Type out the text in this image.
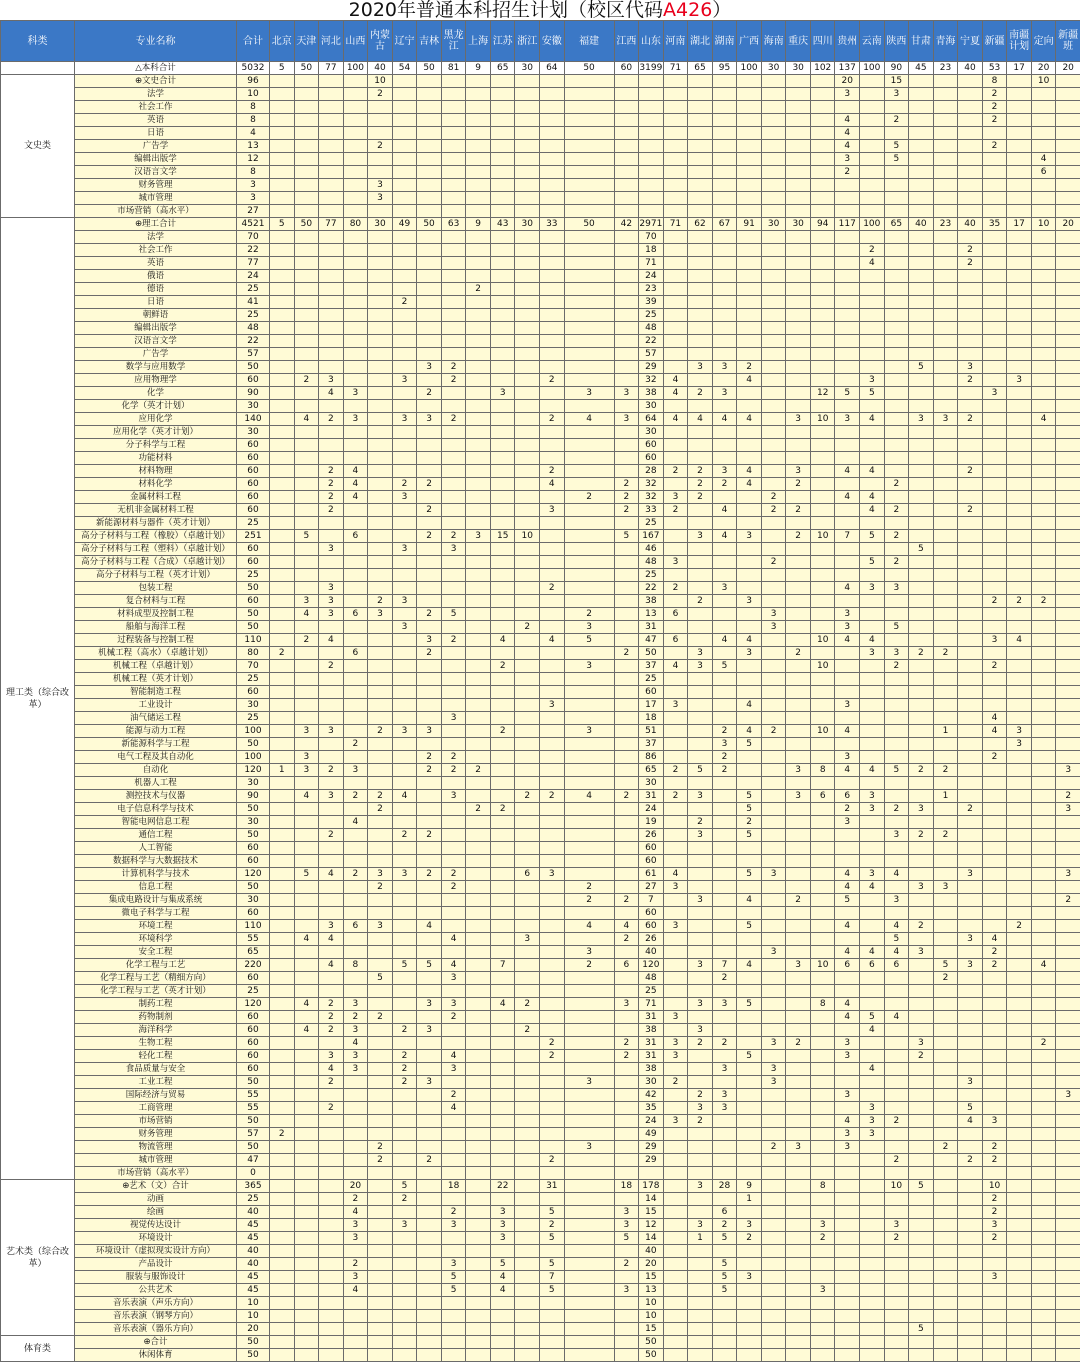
2020年普通本科招生计划（校区代码A426）
科类	专业名称	合计	北京	天津	河北	山西	内蒙古	辽宁	吉林	黑龙江	上海	江苏	浙江	安徽	福建	江西	山东	河南	湖北	湖南	广西	海南	重庆	四川	贵州	云南	陕西	甘肃	青海	宁夏	新疆	南疆计划	定向	新疆班
	△本科合计	5032	5	50	77	100	40	54	50	81	9	65	30	64	50	60	3199	71	65	95	100	30	30	102	137	100	90	45	23	40	53	17	20	20
文史类	⊕文史合计	96					10																		20		15				8		10	
	法学	10					2																		3		3				2			
	社会工作	8																													2			
	英语	8																							4		2				2			
	日语	4																							4									
	广告学	13					2																		4		5				2			
	编辑出版学	12																							3		5						4	
	汉语言文学	8																							2								6	
	财务管理	3					3																											
	城市管理	3					3																											
	市场营销（高水平）	27																																
理工类（综合改革）	⊕理工合计	4521	5	50	77	80	30	49	50	63	9	43	30	33	50	42	2971	71	62	67	91	30	30	94	117	100	65	40	23	40	35	17	10	20
	法学	70															70																	
	社会工作	22															18									2				2				
	英语	77															71									4				2				
	俄语	24															24																	
	德语	25									2						23																	
	日语	41						2									39																	
	朝鲜语	25															25																	
	编辑出版学	48															48																	
	汉语言文学	22															22																	
	广告学	57															57																	
	数学与应用数学	50							3	2							29		3	3	2							5		3				
	应用物理学	60		2	3			3		2				2			32	4			4					3				2		3		
	化学	90			4	3			2			3			3	3	38	4	2	3				12	5	5					3			
	化学（英才计划）	30															30																	
	应用化学	140		4	2	3		3	3	2				2	4	3	64	4	4	4	4		3	10	3	4		3	3	2			4	
	应用化学（英才计划）	30															30																	
	分子科学与工程	60															60																	
	功能材料	60															60																	
	材料物理	60			2	4								2			28	2	2	3	4		3		4	4				2				
	材料化学	60			2	4		2	2					4		2	32		2	2	4		2				2							
	金属材料工程	60			2	4		3							2	2	32	3	2			2			4	4								
	无机非金属材料工程	60			2				2					3		2	33	2		4		2	2			4	2			2				
	新能源材料与器件（英才计划）	25															25																	
	高分子材料与工程（橡胶）（卓越计划）	251		5		6			2	2	3	15	10			5	167		3	4	3		2	10	7	5	2							
	高分子材料与工程（塑料）（卓越计划）	60			3			3		3							46											5						
	高分子材料与工程（合成）（卓越计划）	60															48	3				2				5	2							
	高分子材料与工程（英才计划）	25															25																	
	包装工程	50			3									2			22	2		3					4	3	3							
	复合材料与工程	60		3	3		2	3									38		2		3										2	2	2	
	材料成型及控制工程	50		4	3	6	3		2	5					2		13	6				3			3									
	船舶与海洋工程	50						3					2		3		31					3			3		5							
	过程装备与控制工程	110		2	4				3	2		4		4	5		47	6		4	4			10	4	4					3	4		
	机械工程（高水）（卓越计划）	80	2			6			2							2	50		3		3		2			3	3	2	2					
	机械工程（卓越计划）	70			2							2			3		37	4	3	5				10			2				2			
	机械工程（英才计划）	25															25																	
	智能制造工程	60															60																	
	工业设计	30												3			17	3			4				3									
	油气储运工程	25								3							18														4			
	能源与动力工程	100		3	3		2	3	3			2			3		51			2	4	2		10	4				1		4	3		
	新能源科学与工程	50				2											37			3	5											3		
	电气工程及其自动化	100		3					2	2							86			2					3						2			
	自动化	120	1	3	2	3			2	2	2						65	2	5	2			3	8	4	4	5	2	2					3
	机器人工程	30															30																	
	测控技术与仪器	90		4	3	2	2	4		3			2	2	4	2	31	2	3		5		3	6	6	3			1					2
	电子信息科学与技术	50					2				2	2					24				5				2	3	2	3		2				3
	智能电网信息工程	30				4											19		2		2				3									
	通信工程	50			2			2	2								26		3		5						3	2	2					
	人工智能	60															60																	
	数据科学与大数据技术	60															60																	
	计算机科学与技术	120		5	4	2	3	3	2	2			6	3			61	4			5	3			4	3	4			3				3
	信息工程	50					2			2					2		27	3							4	4		3	3					
	集成电路设计与集成系统	30													2	2	7		3		4		2		5		3							2
	微电子科学与工程	60															60																	
	环境工程	110			3	6	3		4						4	4	60	3			5				4		4	2				2		
	环境科学	55		4	4					4			3			2	26										5			3	4			
	安全工程	65													3		40					3			4	4	4	3			2			
	化学工程与工艺	220			4	8		5	5	4		7			2	6	120		3	7	4		3	10	6	6	6		5	3	2		4	
	化学工程与工艺（精细方向）	60					5			3							48			2									2					
	化学工程与工艺（英才计划）	25															25																	
	制药工程	120		4	2	3			3	3		4	2			3	71		3	3	5			8	4									
	药物制剂	60			2	2	2			2							31	3							4	5	4							
	海洋科学	60		4	2	3		2	3				2				38		3							4								
	生物工程	60				4								2		2	31	3	2	2		3	2		3			3					2	
	轻化工程	60			3	3		2		4				2		2	31	3			5				3			2						
	食品质量与安全	60			4	3		2		3							38			3		3				4								
	工业工程	50			2			2	3						3		30	2				3								3				
	国际经济与贸易	55								2							42		2	3					3									3
	工商管理	55			2					4							35		3	3						3				5				
	市场营销	50															24	3	2						4	3	2			4	3			
	财务管理	57	2														49								3	3								
	物流管理	50					2								3		29					2	3		3				2		2			
	城市管理	47					2		2					2			29										2			2	2			
	市场营销（高水平）	0																																
艺术类（综合改革）	⊕艺术（文）合计	365				20		5		18		22		31		18	178		3	28	9			8			10	5			10			
	动画	25				2		2									14				1										2			
	绘画	40				4				2		3		5		3	15			6											2			
	视觉传达设计	45				3		3		3		3		2		3	12		3	2	3			3			3				3			
	环境设计	45				3						3		5		5	14		1	5	2			2			2				2			
	环境设计（虚拟现实设计方向）	40															40																	
	产品设计	40				2				3		5		5		2	20			5														
	服装与服饰设计	45				3				5		4		7			15			5	3										3			
	公共艺术	45				4				5		4		5		3	13			5				3										
	音乐表演（声乐方向）	10															10																	
	音乐表演（钢琴方向）	10															10																	
	音乐表演（器乐方向）	20															15											5						
体育类	⊕合计	50															50																	
	休闲体育	50															50																	
